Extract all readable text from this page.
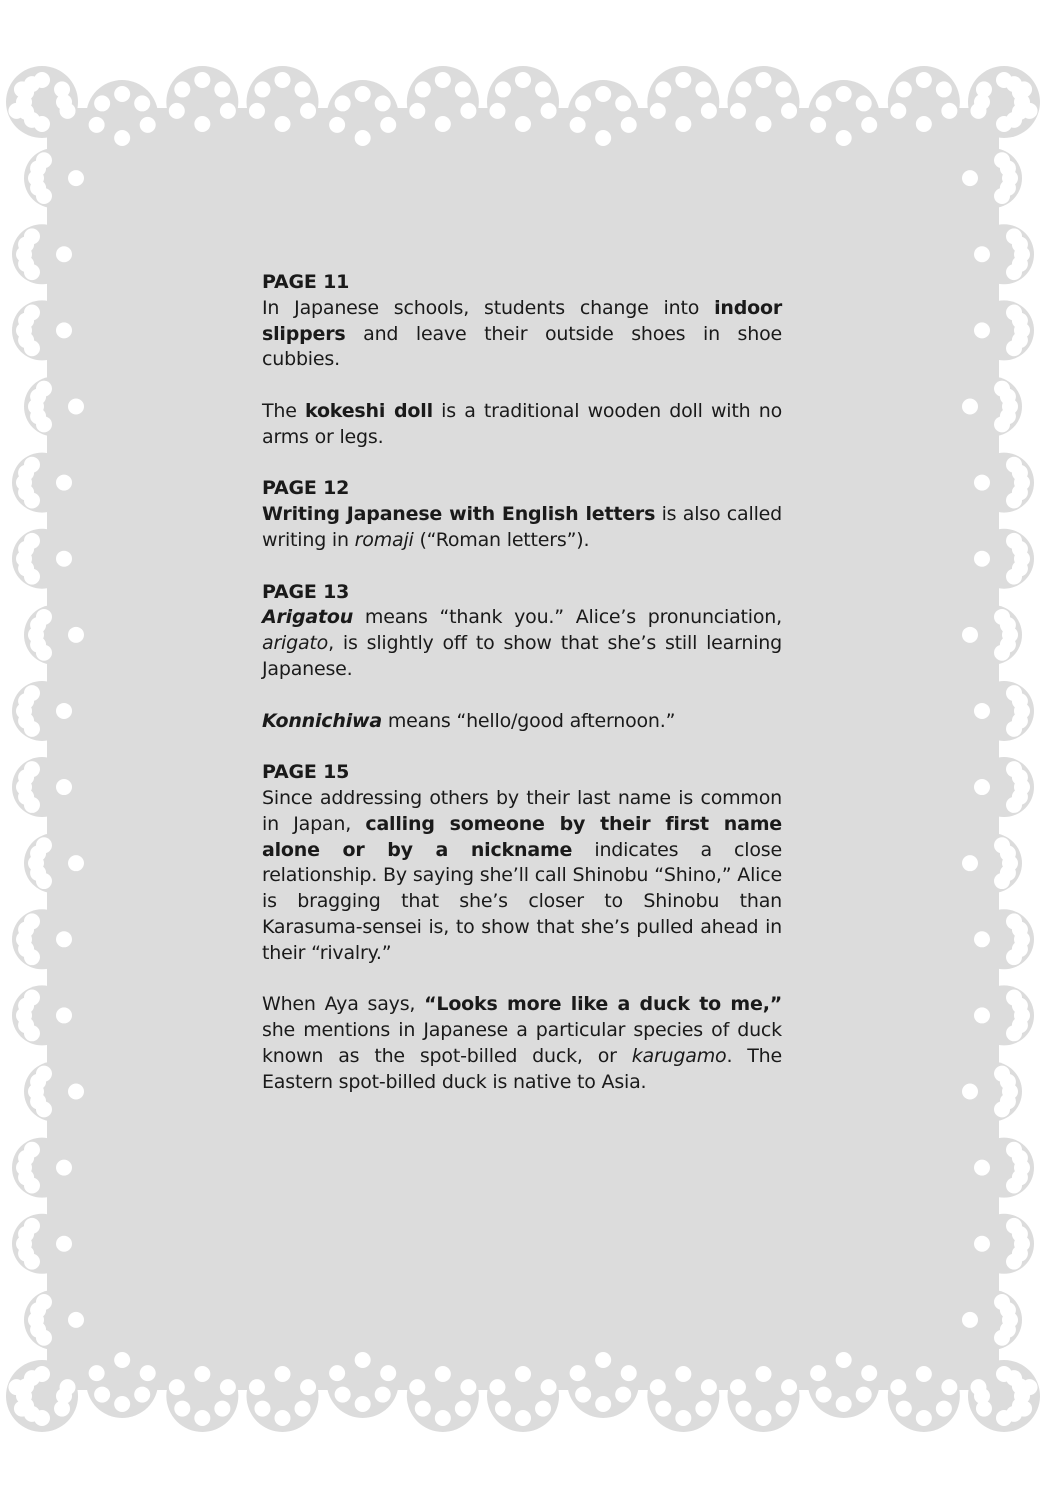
PAGE 11

In Japanese schools, students change into indoor slippers and leave their outside shoes in shoe cubbies.

The kokeshi doll is a traditional wooden doll with no arms or legs.

PAGE 12

Writing Japanese with English letters is also called writing in romaji (“Roman letters”).

PAGE 13

Arigatou means “thank you.” Alice’s pronunciation, arigato, is slightly off to show that she’s still learning Japanese.

Konnichiwa means “hello/good afternoon.”

PAGE 15

Since addressing others by their last name is common in Japan, calling someone by their first name alone or by a nickname indicates a close relationship. By saying she’ll call Shinobu “Shino,” Alice is bragging that she’s closer to Shinobu than Karasuma-sensei is, to show that she’s pulled ahead in their “rivalry.”

When Aya says, “Looks more like a duck to me,” she mentions in Japanese a particular species of duck known as the spot-billed duck, or karugamo. The Eastern spot-billed duck is native to Asia.
